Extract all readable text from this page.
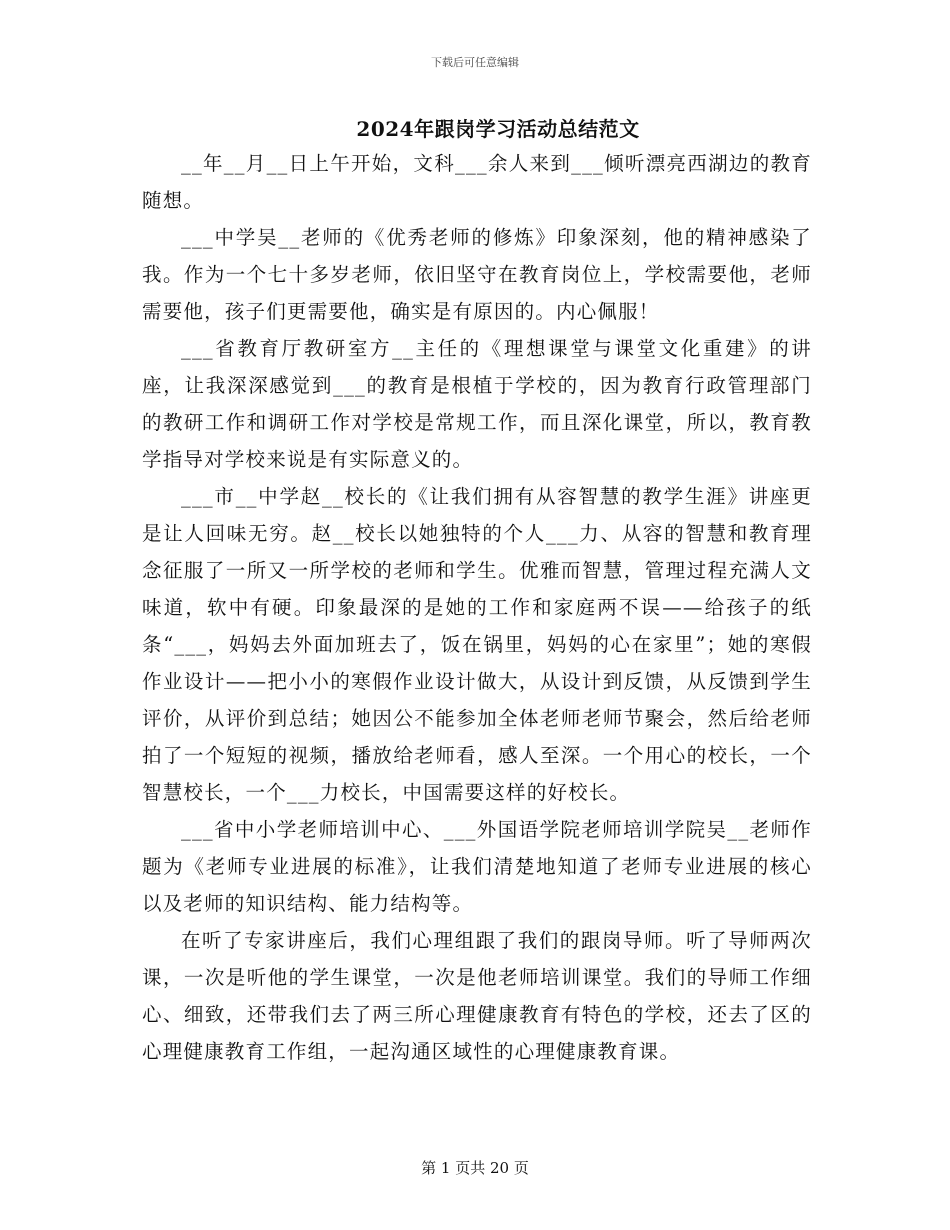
下载后可任意编辑
2024年跟岗学习活动总结范文

__年__月__日上午开始，文科___余人来到___倾听漂亮西湖边的教育随想。

___中学吴__老师的《优秀老师的修炼》印象深刻，他的精神感染了我。作为一个七十多岁老师，依旧坚守在教育岗位上，学校需要他，老师需要他，孩子们更需要他，确实是有原因的。内心佩服！

___省教育厅教研室方__主任的《理想课堂与课堂文化重建》的讲座，让我深深感觉到___的教育是根植于学校的，因为教育行政管理部门的教研工作和调研工作对学校是常规工作，而且深化课堂，所以，教育教学指导对学校来说是有实际意义的。

___市__中学赵__校长的《让我们拥有从容智慧的教学生涯》讲座更是让人回味无穷。赵__校长以她独特的个人___力、从容的智慧和教育理念征服了一所又一所学校的老师和学生。优雅而智慧，管理过程充满人文味道，软中有硬。印象最深的是她的工作和家庭两不误——给孩子的纸条“___，妈妈去外面加班去了，饭在锅里，妈妈的心在家里”；她的寒假作业设计——把小小的寒假作业设计做大，从设计到反馈，从反馈到学生评价，从评价到总结；她因公不能参加全体老师老师节聚会，然后给老师拍了一个短短的视频，播放给老师看，感人至深。一个用心的校长，一个智慧校长，一个___力校长，中国需要这样的好校长。

___省中小学老师培训中心、___外国语学院老师培训学院吴__老师作题为《老师专业进展的标准》，让我们清楚地知道了老师专业进展的核心以及老师的知识结构、能力结构等。

在听了专家讲座后，我们心理组跟了我们的跟岗导师。听了导师两次课，一次是听他的学生课堂，一次是他老师培训课堂。我们的导师工作细心、细致，还带我们去了两三所心理健康教育有特色的学校，还去了区的心理健康教育工作组，一起沟通区域性的心理健康教育课。

第 1 页共 20 页
